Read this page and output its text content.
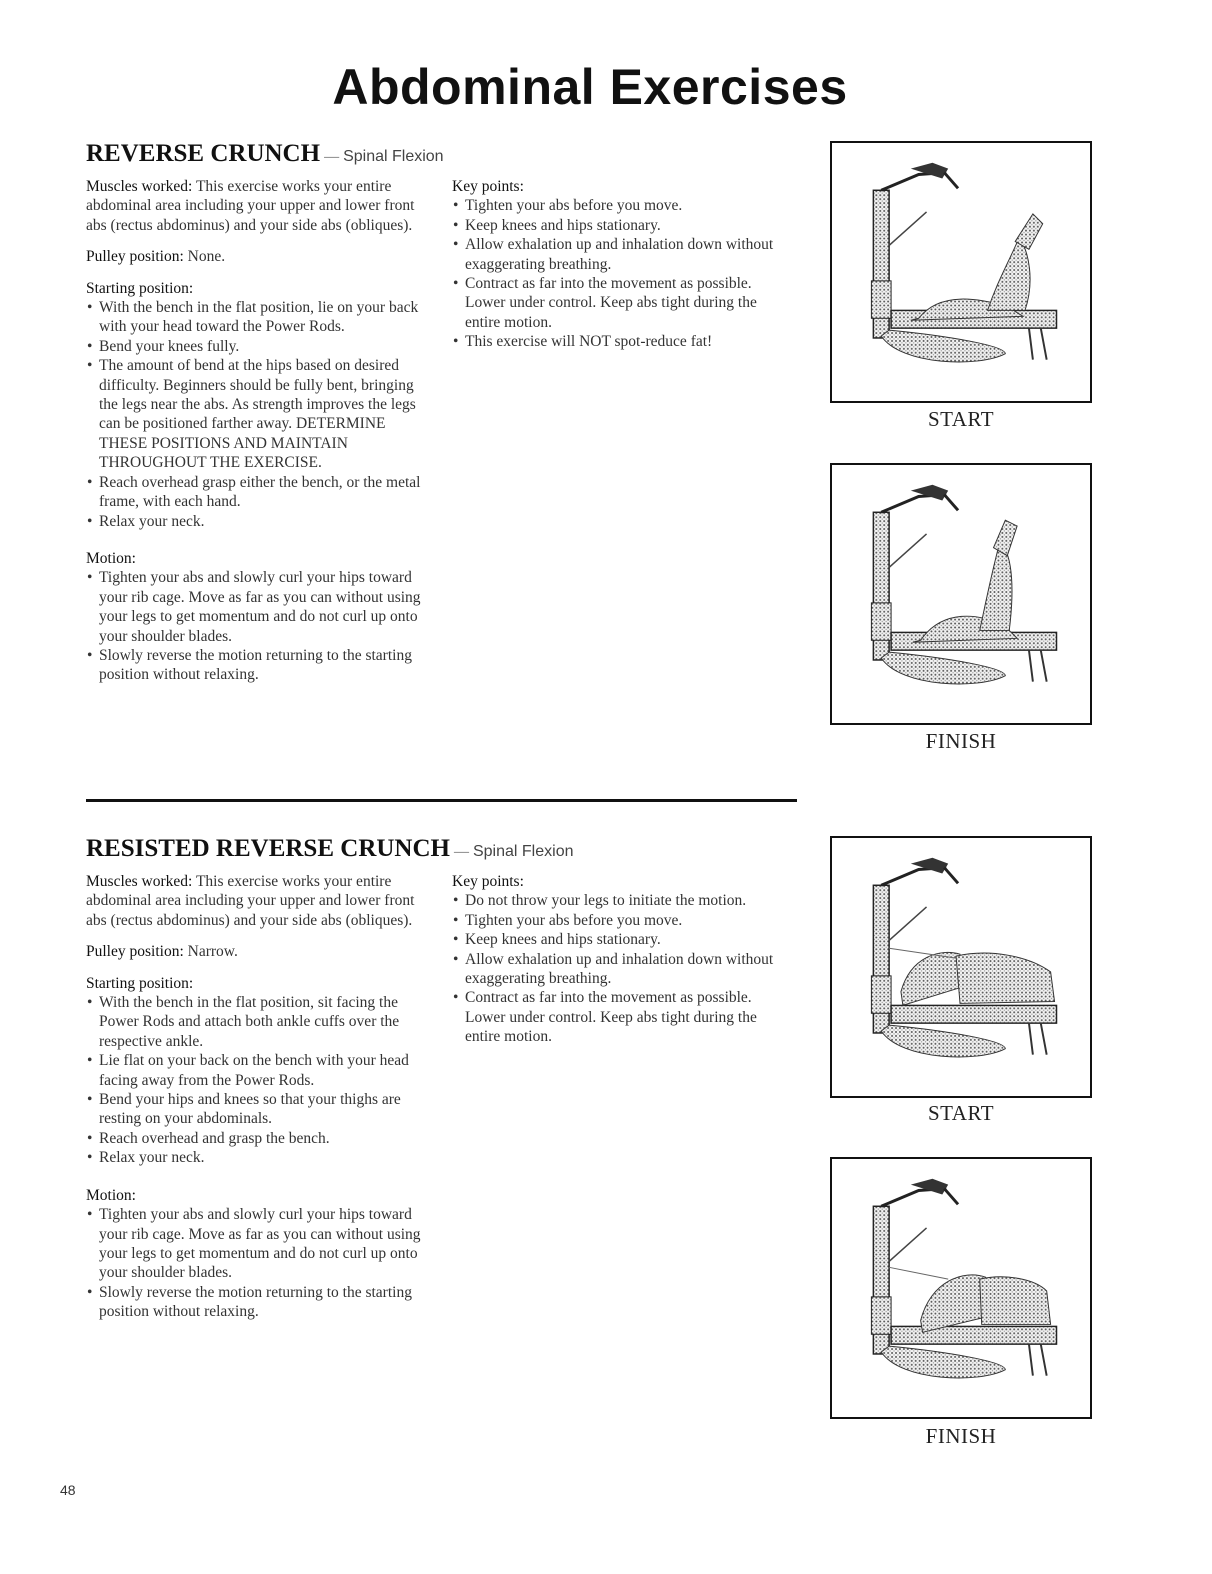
Abdominal Exercises
REVERSE CRUNCH — Spinal Flexion
Muscles worked: This exercise works your entire abdominal area including your upper and lower front abs (rectus abdominus) and your side abs (obliques).
Pulley position: None.
Starting position:
• With the bench in the flat position, lie on your back with your head toward the Power Rods.
• Bend your knees fully.
• The amount of bend at the hips based on desired difficulty. Beginners should be fully bent, bringing the legs near the abs. As strength improves the legs can be positioned farther away. DETERMINE THESE POSITIONS AND MAINTAIN THROUGHOUT THE EXERCISE.
• Reach overhead grasp either the bench, or the metal frame, with each hand.
• Relax your neck.
Motion:
• Tighten your abs and slowly curl your hips toward your rib cage. Move as far as you can without using your legs to get momentum and do not curl up onto your shoulder blades.
• Slowly reverse the motion returning to the starting position without relaxing.
Key points:
• Tighten your abs before you move.
• Keep knees and hips stationary.
• Allow exhalation up and inhalation down without exaggerating breathing.
• Contract as far into the movement as possible. Lower under control. Keep abs tight during the entire motion.
• This exercise will NOT spot-reduce fat!
START
FINISH
RESISTED REVERSE CRUNCH — Spinal Flexion
Muscles worked: This exercise works your entire abdominal area including your upper and lower front abs (rectus abdominus) and your side abs (obliques).
Pulley position: Narrow.
Starting position:
• With the bench in the flat position, sit facing the Power Rods and attach both ankle cuffs over the respective ankle.
• Lie flat on your back on the bench with your head facing away from the Power Rods.
• Bend your hips and knees so that your thighs are resting on your abdominals.
• Reach overhead and grasp the bench.
• Relax your neck.
Motion:
• Tighten your abs and slowly curl your hips toward your rib cage. Move as far as you can without using your legs to get momentum and do not curl up onto your shoulder blades.
• Slowly reverse the motion returning to the starting position without relaxing.
Key points:
• Do not throw your legs to initiate the motion.
• Tighten your abs before you move.
• Keep knees and hips stationary.
• Allow exhalation up and inhalation down without exaggerating breathing.
• Contract as far into the movement as possible. Lower under control. Keep abs tight during the entire motion.
START
FINISH
48
